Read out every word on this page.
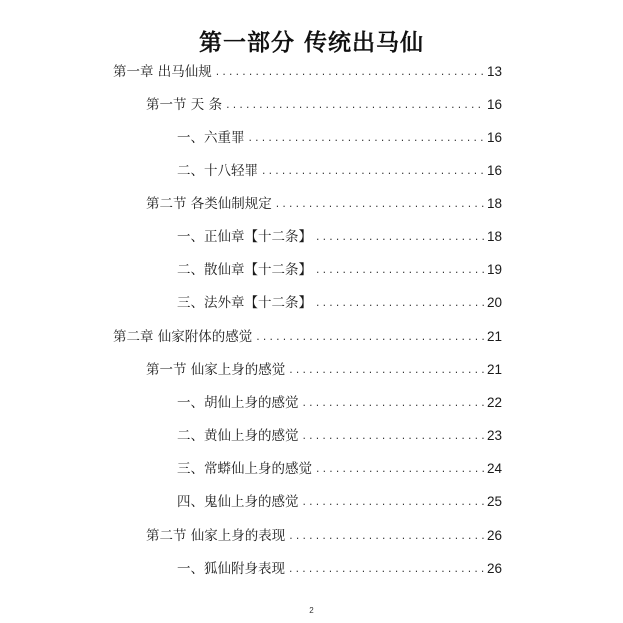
第一部分 传统出马仙
第一章 出马仙规 .....	13
第一节 天 条 .....	16
一、六重罪 .....	16
二、十八轻罪 .....	16
第二节 各类仙制规定 .....	18
一、正仙章【十二条】 .....	18
二、散仙章【十二条】 .....	19
三、法外章【十二条】 .....	20
第二章 仙家附体的感觉 .....	21
第一节 仙家上身的感觉 .....	21
一、胡仙上身的感觉 .....	22
二、黄仙上身的感觉 .....	23
三、常蟒仙上身的感觉 .....	24
四、鬼仙上身的感觉 .....	25
第二节 仙家上身的表现 .....	26
一、狐仙附身表现 .....	26
2
